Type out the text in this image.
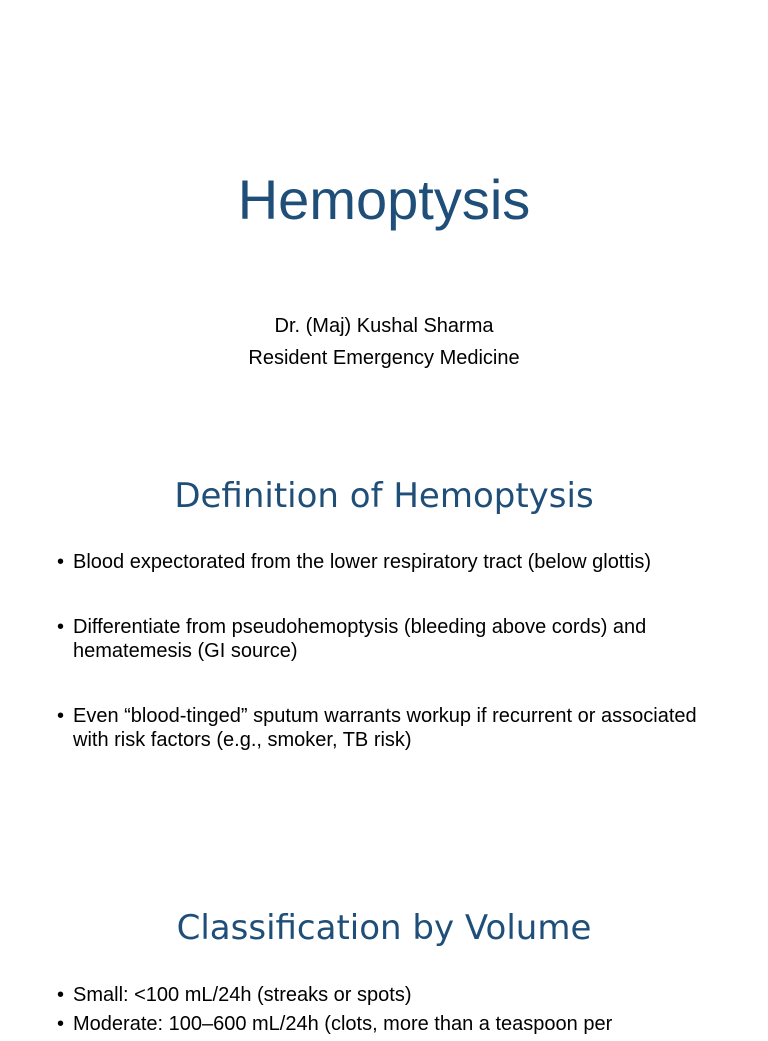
Hemoptysis
Dr. (Maj) Kushal Sharma
Resident Emergency Medicine
Definition of Hemoptysis
• Blood expectorated from the lower respiratory tract (below glottis)
• Differentiate from pseudohemoptysis (bleeding above cords) and hematemesis (GI source)
• Even “blood-tinged” sputum warrants workup if recurrent or associated with risk factors (e.g., smoker, TB risk)
Classification by Volume
• Small: <100 mL/24h (streaks or spots)
• Moderate: 100–600 mL/24h (clots, more than a teaspoon per
